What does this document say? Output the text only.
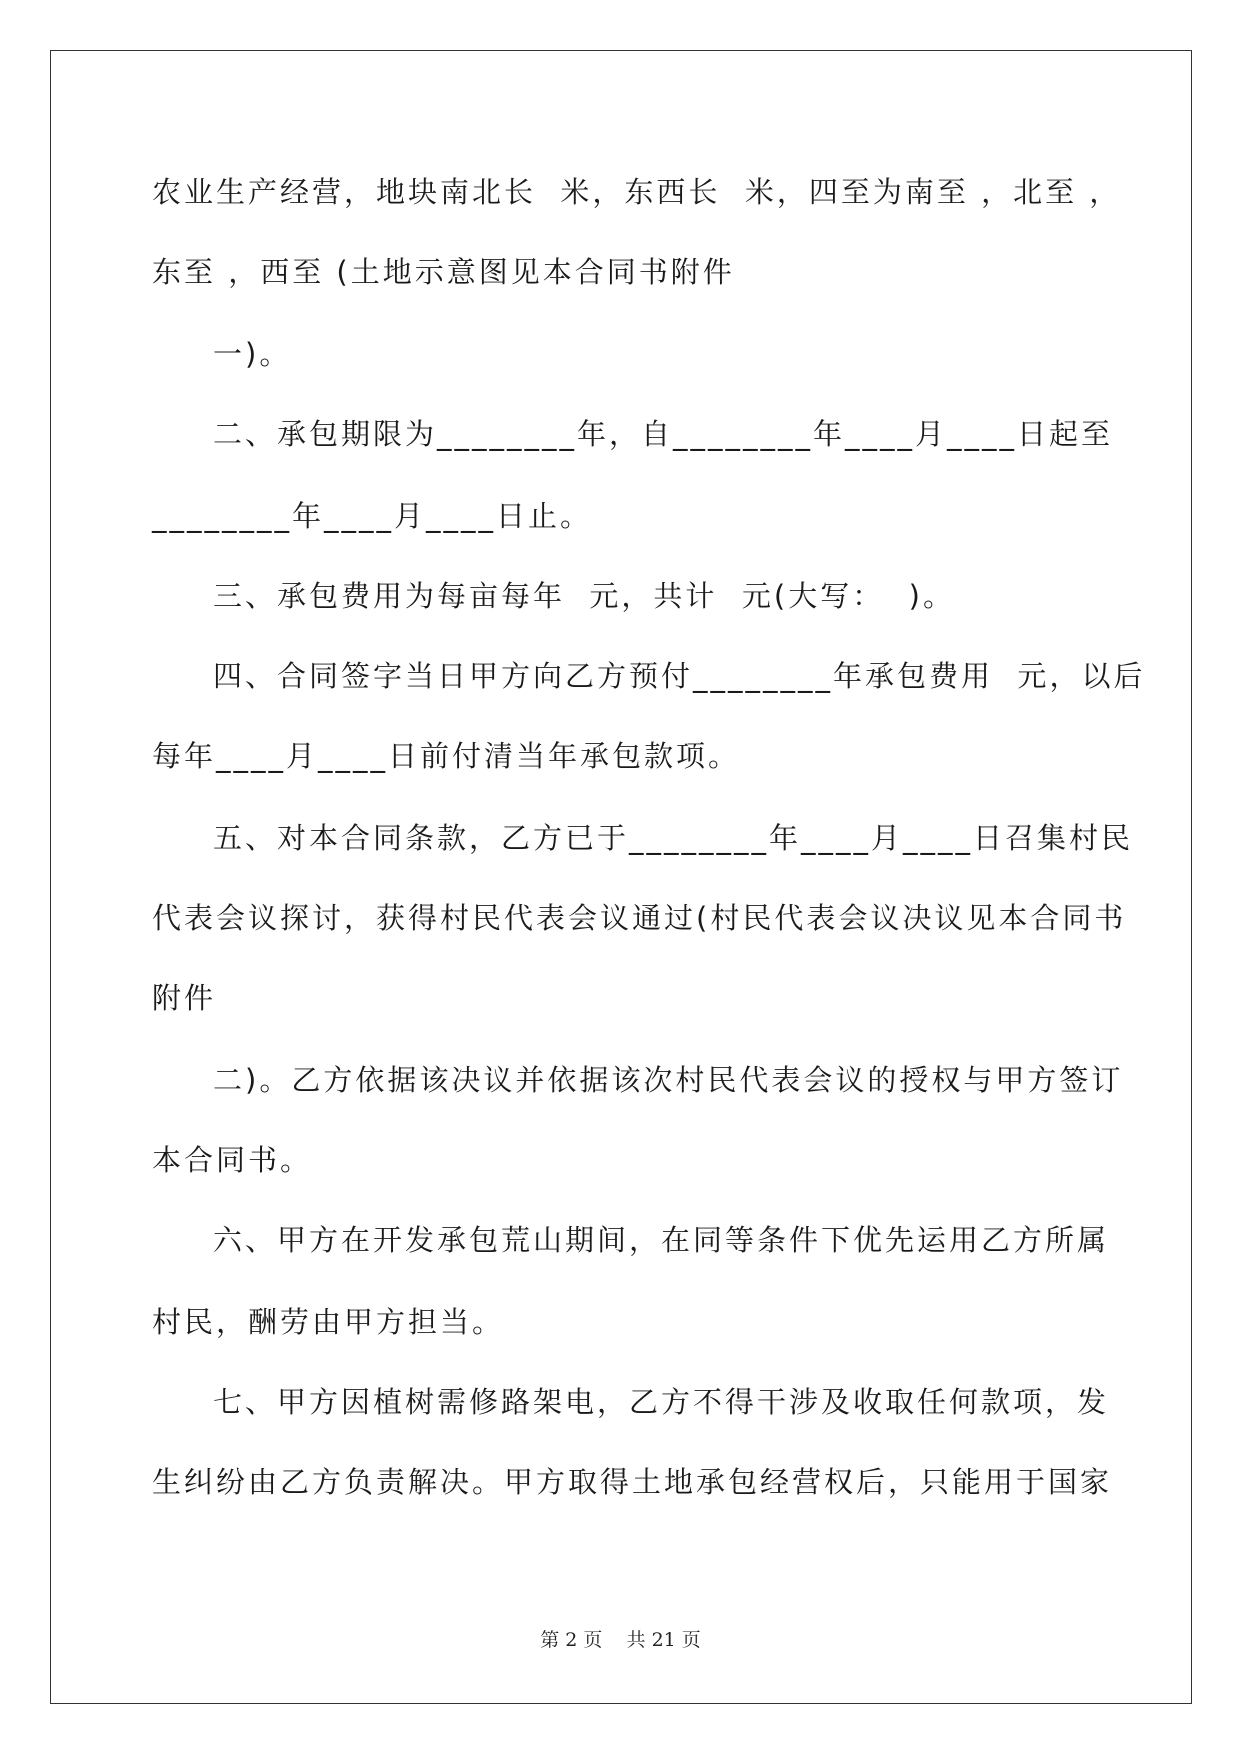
农业生产经营，地块南北长  米，东西长  米，四至为南至 ，北至 ，
东至 ，西至 (土地示意图见本合同书附件
一)。
二、承包期限为________年，自________年____月____日起至
________年____月____日止。
三、承包费用为每亩每年  元，共计  元(大写：  )。
四、合同签字当日甲方向乙方预付________年承包费用  元，以后
每年____月____日前付清当年承包款项。
五、对本合同条款，乙方已于________年____月____日召集村民
代表会议探讨，获得村民代表会议通过(村民代表会议决议见本合同书
附件
二)。乙方依据该决议并依据该次村民代表会议的授权与甲方签订
本合同书。
六、甲方在开发承包荒山期间，在同等条件下优先运用乙方所属
村民，酬劳由甲方担当。
七、甲方因植树需修路架电，乙方不得干涉及收取任何款项，发
生纠纷由乙方负责解决。甲方取得土地承包经营权后，只能用于国家
第 2 页    共 21 页
